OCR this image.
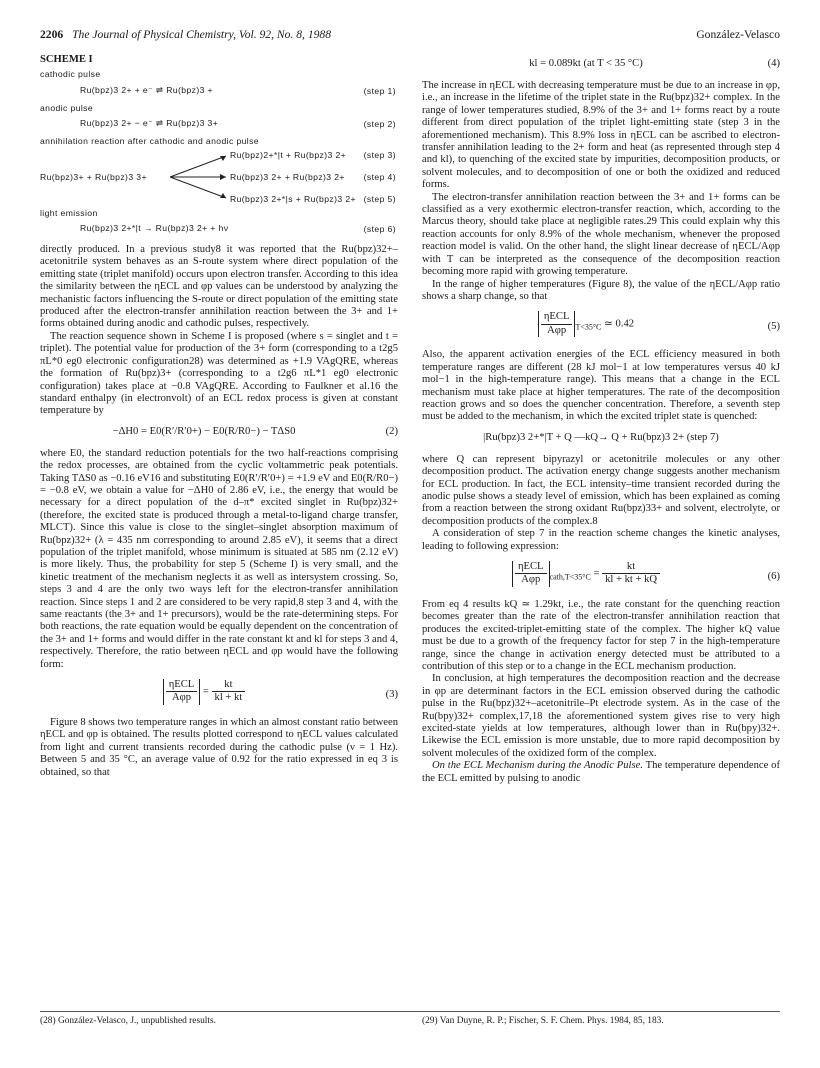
2206 The Journal of Physical Chemistry, Vol. 92, No. 8, 1988	González-Velasco
SCHEME I
cathodic pulse
Ru(bpz)3 2+ + e⁻ ⇌ Ru(bpz)3 +	(step 1)
anodic pulse
Ru(bpz)3 2+ − e⁻ ⇌ Ru(bpz)3 3+	(step 2)
annihilation reaction after cathodic and anodic pulse
Ru(bpz)2+*|t + Ru(bpz)3 2+ (step 3)
Ru(bpz)3+ + Ru(bpz)3 3+	Ru(bpz)3 2+ + Ru(bpz)3 2+ (step 4)
Ru(bpz)3 2+*|s + Ru(bpz)3 2+ (step 5)
light emission
Ru(bpz)3 2+*|t → Ru(bpz)3 2+ + hν	(step 6)

directly produced. In a previous study8 it was reported that the Ru(bpz)32+–acetonitrile system behaves as an S-route system where direct population of the emitting state (triplet manifold) occurs upon electron transfer. According to this idea the similarity between the ηECL and φp values can be understood by analyzing the mechanistic factors influencing the S-route or direct population of the emitting state produced after the electron-transfer annihilation reaction between the 3+ and 1+ forms obtained during anodic and cathodic pulses, respectively.

The reaction sequence shown in Scheme I is proposed (where s = singlet and t = triplet). The potential value for production of the 3+ form (corresponding to a t2g5 πL*0 eg0 electronic configuration28) was determined as +1.9 VAgQRE, whereas the formation of Ru(bpz)3+ (corresponding to a t2g6 πL*1 eg0 electronic configuration) takes place at −0.8 VAgQRE. According to Faulkner et al.16 the standard enthalpy (in electronvolt) of an ECL redox process is given at constant temperature by

−ΔH0 = E0(R′/R′0+) − E0(R/R0−) − TΔS0	(2)

where E0, the standard reduction potentials for the two half-reactions comprising the redox processes, are obtained from the cyclic voltammetric peak potentials. Taking TΔS0 as −0.16 eV16 and substituting E0(R′/R′0+) = +1.9 eV and E0(R/R0−) = −0.8 eV, we obtain a value for −ΔH0 of 2.86 eV, i.e., the energy that would be necessary for a direct population of the d–π* excited singlet in Ru(bpz)32+ (therefore, the excited state is produced through a metal-to-ligand charge transfer, MLCT). Since this value is close to the singlet–singlet absorption maximum of Ru(bpz)32+ (λ = 435 nm corresponding to around 2.85 eV), it seems that a direct population of the triplet manifold, whose minimum is situated at 585 nm (2.12 eV) is more likely. Thus, the probability for step 5 (Scheme I) is very small, and the kinetic treatment of the mechanism neglects it as well as intersystem crossing. So, steps 3 and 4 are the only two ways left for the electron-transfer annihilation reaction. Since steps 1 and 2 are considered to be very rapid,8 step 3 and 4, with the same reactants (the 3+ and 1+ precursors), would be the rate-determining steps. For both reactions, the rate equation would be equally dependent on the concentration of the 3+ and 1+ forms and would differ in the rate constant kt and kl for steps 3 and 4, respectively. Therefore, the ratio between ηECL and φp would have the following form:

$\frac{\text{ηECL}}{\text{Aφp}} = \frac{kt}{kl + kt}$	(3)

Figure 8 shows two temperature ranges in which an almost constant ratio between ηECL and φp is obtained. The results plotted correspond to ηECL values calculated from light and current transients recorded during the cathodic pulse (ν = 1 Hz). Between 5 and 35 °C, an average value of 0.92 for the ratio expressed in eq 3 is obtained, so that

kl = 0.089kt (at T < 35 °C)	(4)

The increase in ηECL with decreasing temperature must be due to an increase in φp, i.e., an increase in the lifetime of the triplet state in the Ru(bpz)32+ complex. In the range of lower temperatures studied, 8.9% of the 3+ and 1+ forms react by a route different from direct population of the triplet light-emitting state (step 3 in the aforementioned mechanism). This 8.9% loss in ηECL can be ascribed to electron-transfer annihilation leading to the 2+ form and heat (as represented through step 4 and kl), to quenching of the excited state by impurities, decomposition products, or solvent molecules, and to decomposition of one or both the oxidized and reduced forms.

The electron-transfer annihilation reaction between the 3+ and 1+ forms can be classified as a very exothermic electron-transfer reaction, which, according to the Marcus theory, should take place at negligible rates.29 This could explain why this reaction accounts for only 8.9% of the whole mechanism, whenever the proposed reaction model is valid. On the other hand, the slight linear decrease of ηECL/Aφp with T can be interpreted as the consequence of the decomposition reaction becoming more rapid with growing temperature.

In the range of higher temperatures (Figure 8), the value of the ηECL/Aφp ratio shows a sharp change, so that

$\frac{\text{ηECL}}{\text{Aφp}} _{T<35^\circ C}$ ≃ 0.42	(5)

Also, the apparent activation energies of the ECL efficiency measured in both temperature ranges are different (28 kJ mol−1 at low temperatures versus 40 kJ mol−1 in the high-temperature range). This means that a change in the ECL mechanism must take place at higher temperatures. The rate of the decomposition reaction grows and so does the quencher concentration. Therefore, a seventh step must be added to the mechanism, in which the excited triplet state is quenched:

|Ru(bpz)3 2+*|T + Q —kQ→ Q + Ru(bpz)3 2+ (step 7)

where Q can represent bipyrazyl or acetonitrile molecules or any other decomposition product. The activation energy change suggests another mechanism for ECL production. In fact, the ECL intensity–time transient recorded during the anodic pulse shows a steady level of emission, which has been explained as coming from a reaction between the strong oxidant Ru(bpz)33+ and solvent, electrolyte, or decomposition products of the complex.8

A consideration of step 7 in the reaction scheme changes the kinetic analyses, leading to following expression:

$\frac{\text{ηECL}}{\text{Aφp}} _{cath,T<35^\circ C} = \frac{kt}{kl + kt + kQ}$	(6)

From eq 4 results kQ ≃ 1.29kt, i.e., the rate constant for the quenching reaction becomes greater than the rate of the electron-transfer annihilation reaction that produces the excited-triplet-emitting state of the complex. The higher kQ value must be due to a growth of the frequency factor for step 7 in the high-temperature range, since the change in activation energy detected must be attributed to a contribution of this step or to a change in the ECL mechanism production.

In conclusion, at high temperatures the decomposition reaction and the decrease in φp are determinant factors in the ECL emission observed during the cathodic pulse in the Ru(bpz)32+–acetonitrile–Pt electrode system. As in the case of the Ru(bpy)32+ complex,17,18 the aforementioned system gives rise to very high excited-state yields at low temperatures, although lower than in Ru(bpy)32+. Likewise the ECL emission is more unstable, due to more rapid decomposition by solvent molecules of the oxidized form of the complex.

On the ECL Mechanism during the Anodic Pulse. The temperature dependence of the ECL emitted by pulsing to anodic

(28) González-Velasco, J., unpublished results.	(29) Van Duyne, R. P.; Fischer, S. F. Chem. Phys. 1984, 85, 183.
